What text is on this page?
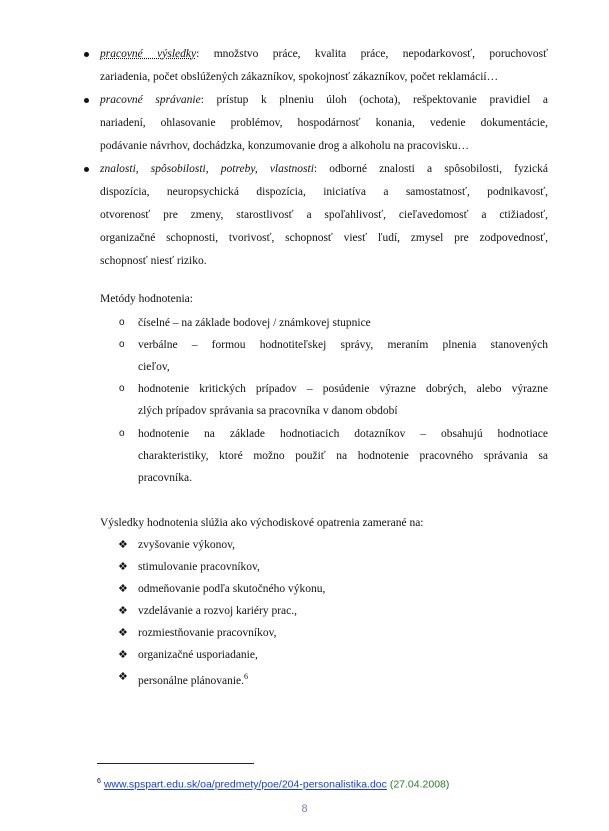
pracovné výsledky: množstvo práce, kvalita práce, nepodarkovosť, poruchovosť
zariadenia, počet obslúžených zákazníkov, spokojnosť zákazníkov, počet reklamácií…
pracovné správanie: prístup k plneniu úloh (ochota), rešpektovanie pravidiel a
nariadení, ohlasovanie problémov, hospodárnosť konania, vedenie dokumentácie,
podávanie návrhov, dochádzka, konzumovanie drog a alkoholu na pracovisku…
znalosti, spôsobilosti, potreby, vlastnosti: odborné znalosti a spôsobilosti, fyzická
dispozícia, neuropsychická dispozícia, iniciatíva a samostatnosť, podnikavosť,
otvorenosť pre zmeny, starostlivosť a spoľahlivosť, cieľavedomosť a ctižiadosť,
organizačné schopnosti, tvorivosť, schopnosť viesť ľudí, zmysel pre zodpovednosť,
schopnosť niesť riziko.
Metódy hodnotenia:
o číselné – na základe bodovej / známkovej stupnice
o verbálne – formou hodnotiteľskej správy, meraním plnenia stanovených
cieľov,
o hodnotenie kritických prípadov – posúdenie výrazne dobrých, alebo výrazne
zlých prípadov správania sa pracovníka v danom období
o hodnotenie na základe hodnotiacich dotazníkov – obsahujú hodnotiace
charakteristiky, ktoré možno použiť na hodnotenie pracovného správania sa
pracovníka.
Výsledky hodnotenia slúžia ako východiskové opatrenia zamerané na:
❖ zvyšovanie výkonov,
❖ stimulovanie pracovníkov,
❖ odmeňovanie podľa skutočného výkonu,
❖ vzdelávanie a rozvoj kariéry prac.,
❖ rozmiestňovanie pracovníkov,
❖ organizačné usporiadanie,
❖ personálne plánovanie.$^6$
$^6$ www.spspart.edu.sk/oa/predmety/poe/204-personalistika.doc (27.04.2008)
8
